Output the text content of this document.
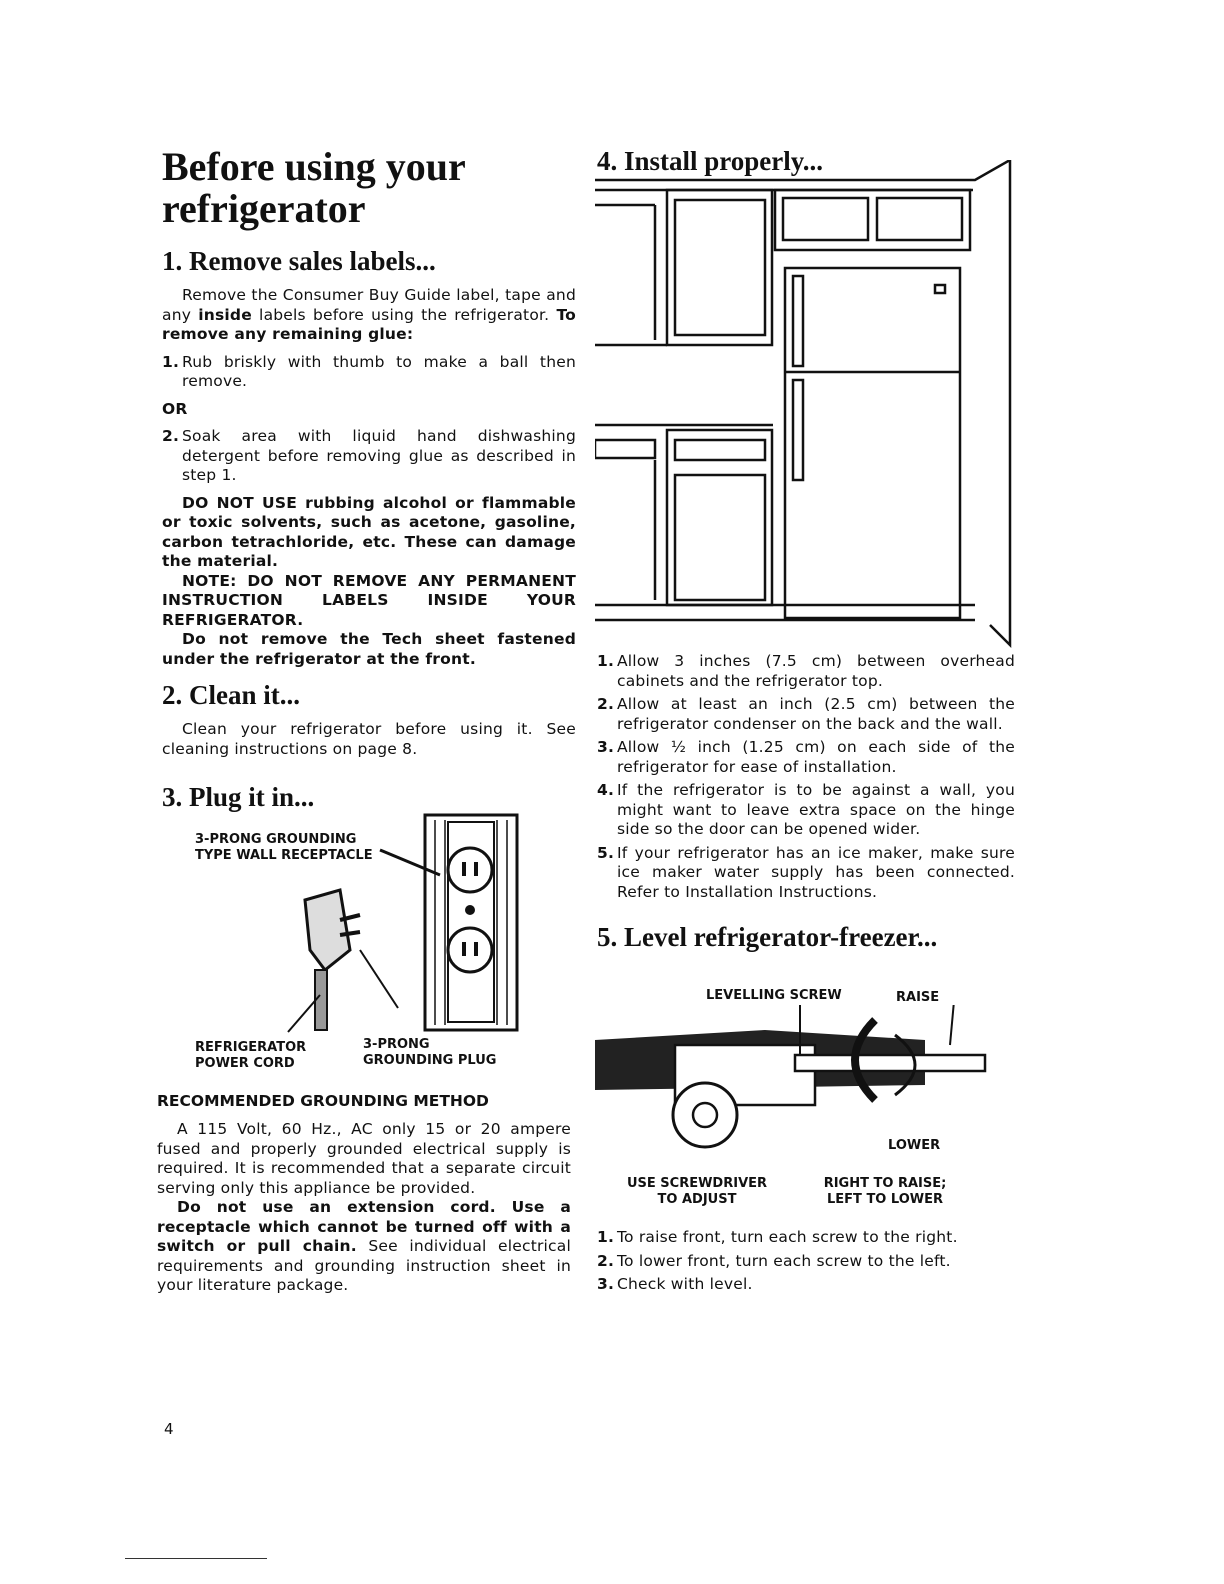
Before using your refrigerator
1. Remove sales labels...
Remove the Consumer Buy Guide label, tape and any inside labels before using the refrigerator. To remove any remaining glue:
1. Rub briskly with thumb to make a ball then remove.
OR
2. Soak area with liquid hand dishwashing detergent before removing glue as described in step 1.
DO NOT USE rubbing alcohol or flammable or toxic solvents, such as acetone, gasoline, carbon tetrachloride, etc. These can damage the material.
NOTE: DO NOT REMOVE ANY PERMANENT INSTRUCTION LABELS INSIDE YOUR REFRIGERATOR.
Do not remove the Tech sheet fastened under the refrigerator at the front.
2. Clean it...
Clean your refrigerator before using it. See cleaning instructions on page 8.
3. Plug it in...
3-PRONG GROUNDING TYPE WALL RECEPTACLE
REFRIGERATOR POWER CORD
3-PRONG GROUNDING PLUG
RECOMMENDED GROUNDING METHOD
A 115 Volt, 60 Hz., AC only 15 or 20 ampere fused and properly grounded electrical supply is required. It is recommended that a separate circuit serving only this appliance be provided.
Do not use an extension cord. Use a receptacle which cannot be turned off with a switch or pull chain. See individual electrical requirements and grounding instruction sheet in your literature package.
4. Install properly...
1. Allow 3 inches (7.5 cm) between overhead cabinets and the refrigerator top.
2. Allow at least an inch (2.5 cm) between the refrigerator condenser on the back and the wall.
3. Allow ½ inch (1.25 cm) on each side of the refrigerator for ease of installation.
4. If the refrigerator is to be against a wall, you might want to leave extra space on the hinge side so the door can be opened wider.
5. If your refrigerator has an ice maker, make sure ice maker water supply has been connected. Refer to Installation Instructions.
5. Level refrigerator-freezer...
LEVELLING SCREW	RAISE
LOWER
USE SCREWDRIVER TO ADJUST
RIGHT TO RAISE; LEFT TO LOWER
1. To raise front, turn each screw to the right.
2. To lower front, turn each screw to the left.
3. Check with level.
4
